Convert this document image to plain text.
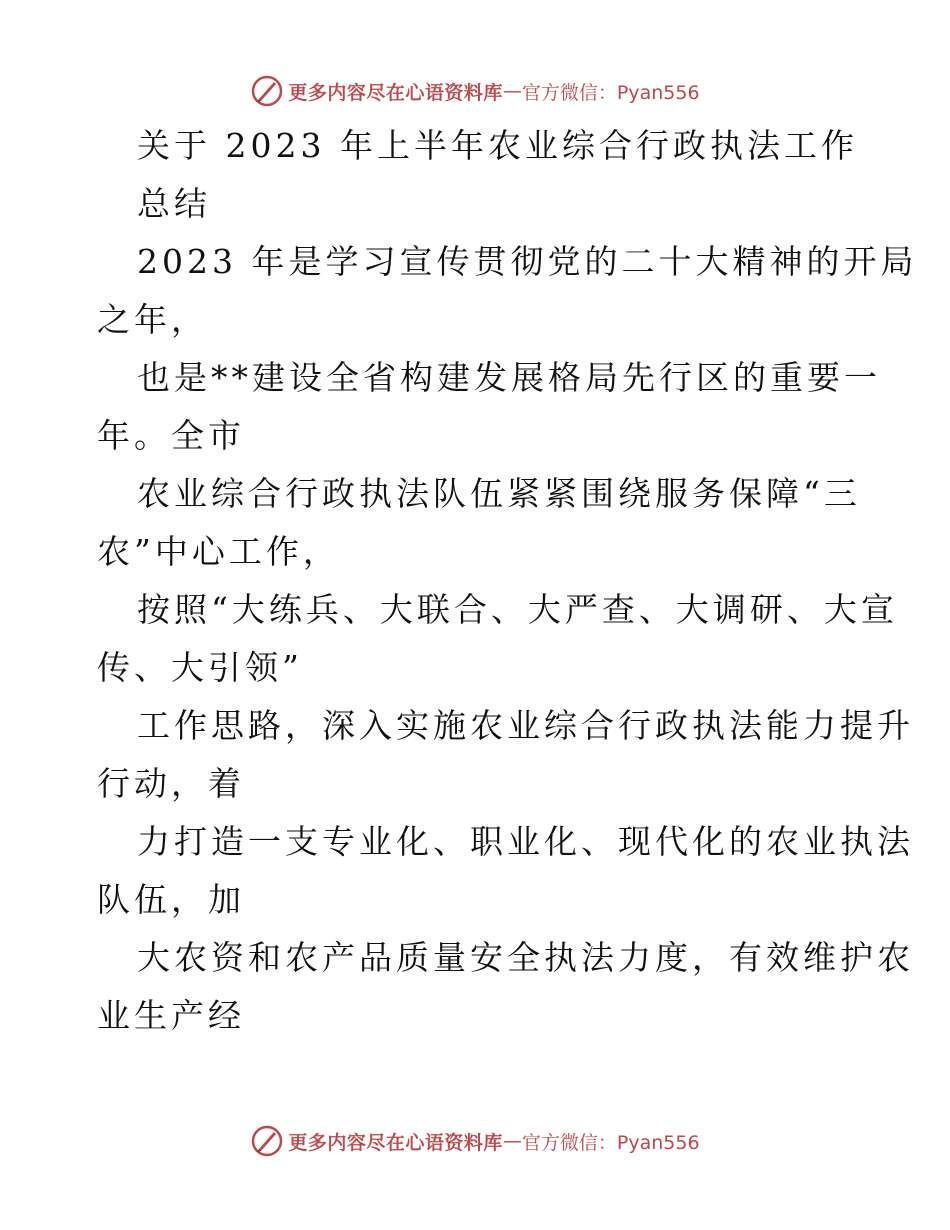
更多内容尽在心语资料库 — 官方微信：Pyan556
关于 2023 年上半年农业综合行政执法工作
总结
2023 年是学习宣传贯彻党的二十大精神的开局
之年，
也是**建设全省构建发展格局先行区的重要一
年。全市
农业综合行政执法队伍紧紧围绕服务保障“三
农”中心工作，
按照“大练兵、大联合、大严查、大调研、大宣
传、大引领”
工作思路，深入实施农业综合行政执法能力提升
行动，着
力打造一支专业化、职业化、现代化的农业执法
队伍，加
大农资和农产品质量安全执法力度，有效维护农
业生产经
更多内容尽在心语资料库 — 官方微信：Pyan556
